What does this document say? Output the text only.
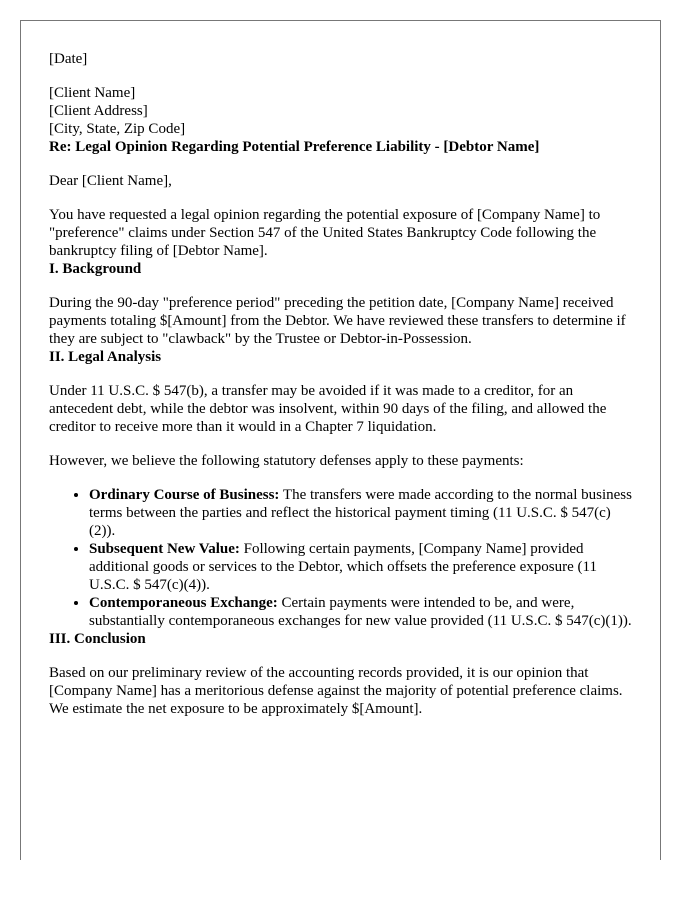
[Date]

[Client Name]

[Client Address]

[City, State, Zip Code]

Re: Legal Opinion Regarding Potential Preference Liability - [Debtor Name]

Dear [Client Name],

You have requested a legal opinion regarding the potential exposure of [Company Name] to "preference" claims under Section 547 of the United States Bankruptcy Code following the bankruptcy filing of [Debtor Name].

I. Background

During the 90-day "preference period" preceding the petition date, [Company Name] received payments totaling $[Amount] from the Debtor. We have reviewed these transfers to determine if they are subject to "clawback" by the Trustee or Debtor-in-Possession.

II. Legal Analysis

Under 11 U.S.C. $ 547(b), a transfer may be avoided if it was made to a creditor, for an antecedent debt, while the debtor was insolvent, within 90 days of the filing, and allowed the creditor to receive more than it would in a Chapter 7 liquidation.

However, we believe the following statutory defenses apply to these payments:

• Ordinary Course of Business: The transfers were made according to the normal business terms between the parties and reflect the historical payment timing (11 U.S.C. $ 547(c)(2)).
• Subsequent New Value: Following certain payments, [Company Name] provided additional goods or services to the Debtor, which offsets the preference exposure (11 U.S.C. $ 547(c)(4)).
• Contemporaneous Exchange: Certain payments were intended to be, and were, substantially contemporaneous exchanges for new value provided (11 U.S.C. $ 547(c)(1)).

III. Conclusion

Based on our preliminary review of the accounting records provided, it is our opinion that [Company Name] has a meritorious defense against the majority of potential preference claims. We estimate the net exposure to be approximately $[Amount].
